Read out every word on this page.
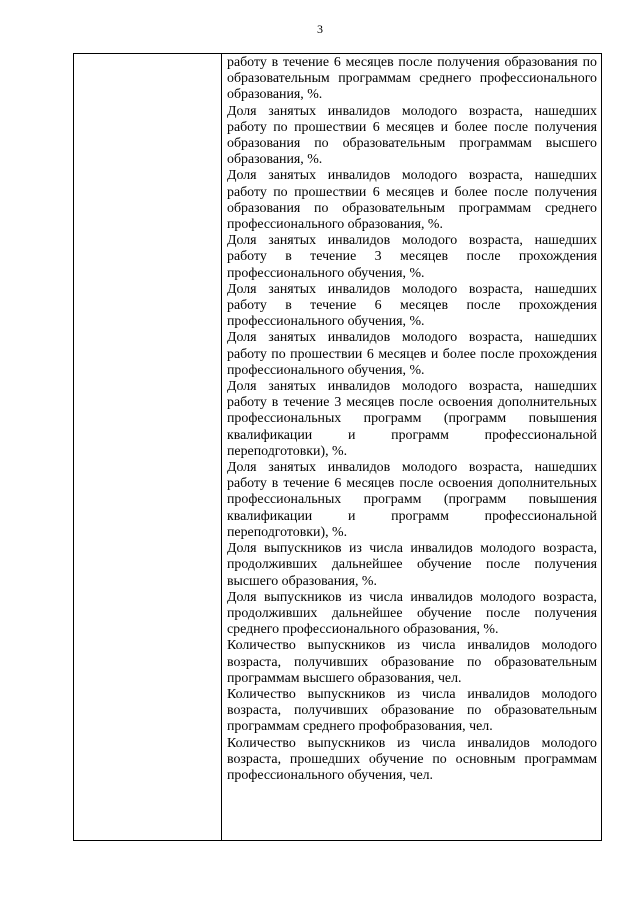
3

работу в течение 6 месяцев после получения образования по образовательным программам среднего профессионального образования, %.

Доля занятых инвалидов молодого возраста, нашедших работу по прошествии 6 месяцев и более после получения образования по образовательным программам высшего образования, %.

Доля занятых инвалидов молодого возраста, нашедших работу по прошествии 6 месяцев и более после получения образования по образовательным программам среднего профессионального образования, %.

Доля занятых инвалидов молодого возраста, нашедших работу в течение 3 месяцев после прохождения профессионального обучения, %.

Доля занятых инвалидов молодого возраста, нашедших работу в течение 6 месяцев после прохождения профессионального обучения, %.

Доля занятых инвалидов молодого возраста, нашедших работу по прошествии 6 месяцев и более после прохождения профессионального обучения, %.

Доля занятых инвалидов молодого возраста, нашедших работу в течение 3 месяцев после освоения дополнительных профессиональных программ (программ повышения квалификации и программ профессиональной переподготовки), %.

Доля занятых инвалидов молодого возраста, нашедших работу в течение 6 месяцев после освоения дополнительных профессиональных программ (программ повышения квалификации и программ профессиональной переподготовки), %.

Доля выпускников из числа инвалидов молодого возраста, продолживших дальнейшее обучение после получения высшего образования, %.

Доля выпускников из числа инвалидов молодого возраста, продолживших дальнейшее обучение после получения среднего профессионального образования, %.

Количество выпускников из числа инвалидов молодого возраста, получивших образование по образовательным программам высшего образования, чел.

Количество выпускников из числа инвалидов молодого возраста, получивших образование по образовательным программам среднего профобразования, чел.

Количество выпускников из числа инвалидов молодого возраста, прошедших обучение по основным программам профессионального обучения, чел.
